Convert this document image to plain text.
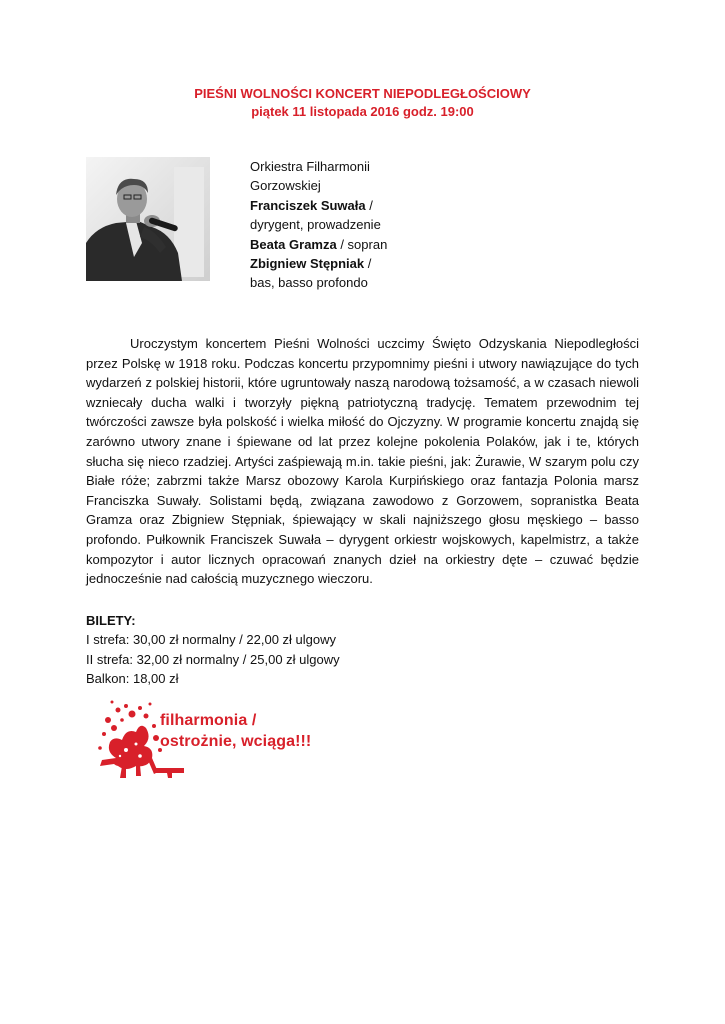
PIEŚNI WOLNOŚCI KONCERT NIEPODLEGŁOŚCIOWY
piątek 11 listopada 2016 godz. 19:00
Orkiestra Filharmonii
Gorzowskiej
Franciszek Suwała /
dyrygent, prowadzenie
Beata Gramza / sopran
Zbigniew Stępniak /
bas, basso profondo
Uroczystym koncertem Pieśni Wolności uczcimy Święto Odzyskania Niepodległości przez Polskę w 1918 roku. Podczas koncertu przypomnimy pieśni i utwory nawiązujące do tych wydarzeń z polskiej historii, które ugruntowały naszą narodową tożsamość, a w czasach niewoli wzniecały ducha walki i tworzyły piękną patriotyczną tradycję. Tematem przewodnim tej twórczości zawsze była polskość i wielka miłość do Ojczyzny. W programie koncertu znajdą się zarówno utwory znane i śpiewane od lat przez kolejne pokolenia Polaków, jak i te, których słucha się nieco rzadziej. Artyści zaśpiewają m.in. takie pieśni, jak: Żurawie, W szarym polu czy Białe róże; zabrzmi także Marsz obozowy Karola Kurpińskiego oraz fantazja Polonia marsz Franciszka Suwały. Solistami będą, związana zawodowo z Gorzowem, sopranistka Beata Gramza oraz Zbigniew Stępniak, śpiewający w skali najniższego głosu męskiego – basso profondo. Pułkownik Franciszek Suwała – dyrygent orkiestr wojskowych, kapelmistrz, a także kompozytor i autor licznych opracowań znanych dzieł na orkiestry dęte – czuwać będzie jednocześnie nad całością muzycznego wieczoru.
BILETY:
I strefa: 30,00 zł normalny / 22,00 zł ulgowy
II strefa: 32,00 zł normalny / 25,00 zł ulgowy
Balkon: 18,00 zł
filharmonia /
ostrożnie, wciąga!!!
